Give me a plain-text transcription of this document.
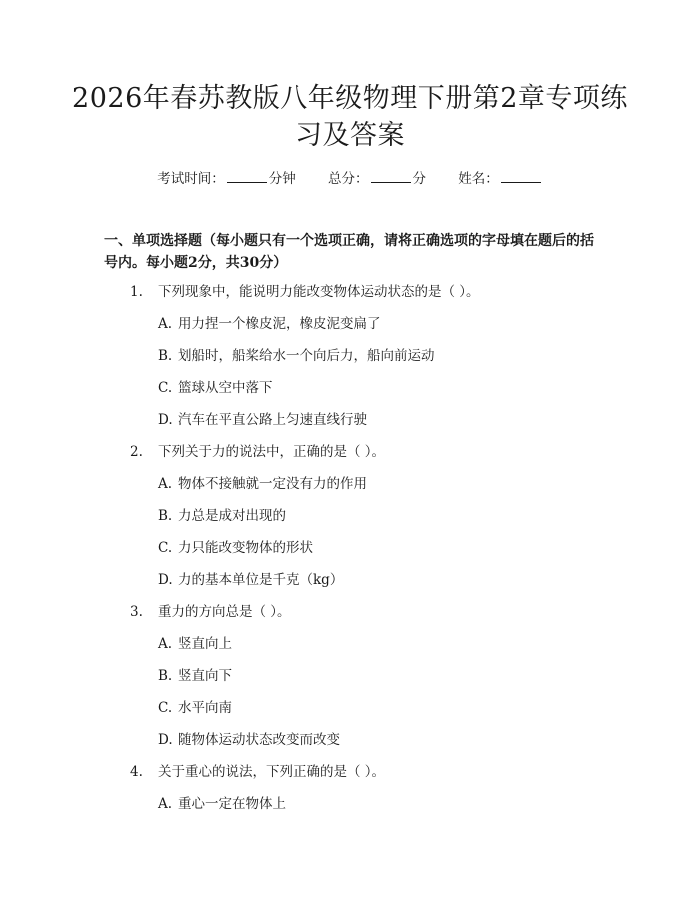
2026年春苏教版八年级物理下册第2章专项练习及答案
考试时间：	分钟 总分：	分 姓名：
一、单项选择题（每小题只有一个选项正确，请将正确选项的字母填在题后的括号内。每小题2分，共30分）
1. 下列现象中，能说明力能改变物体运动状态的是（ ）。
A. 用力捏一个橡皮泥，橡皮泥变扁了
B. 划船时，船桨给水一个向后力，船向前运动
C. 篮球从空中落下
D. 汽车在平直公路上匀速直线行驶
2. 下列关于力的说法中，正确的是（ ）。
A. 物体不接触就一定没有力的作用
B. 力总是成对出现的
C. 力只能改变物体的形状
D. 力的基本单位是千克（kg）
3. 重力的方向总是（ ）。
A. 竖直向上
B. 竖直向下
C. 水平向南
D. 随物体运动状态改变而改变
4. 关于重心的说法，下列正确的是（ ）。
A. 重心一定在物体上
